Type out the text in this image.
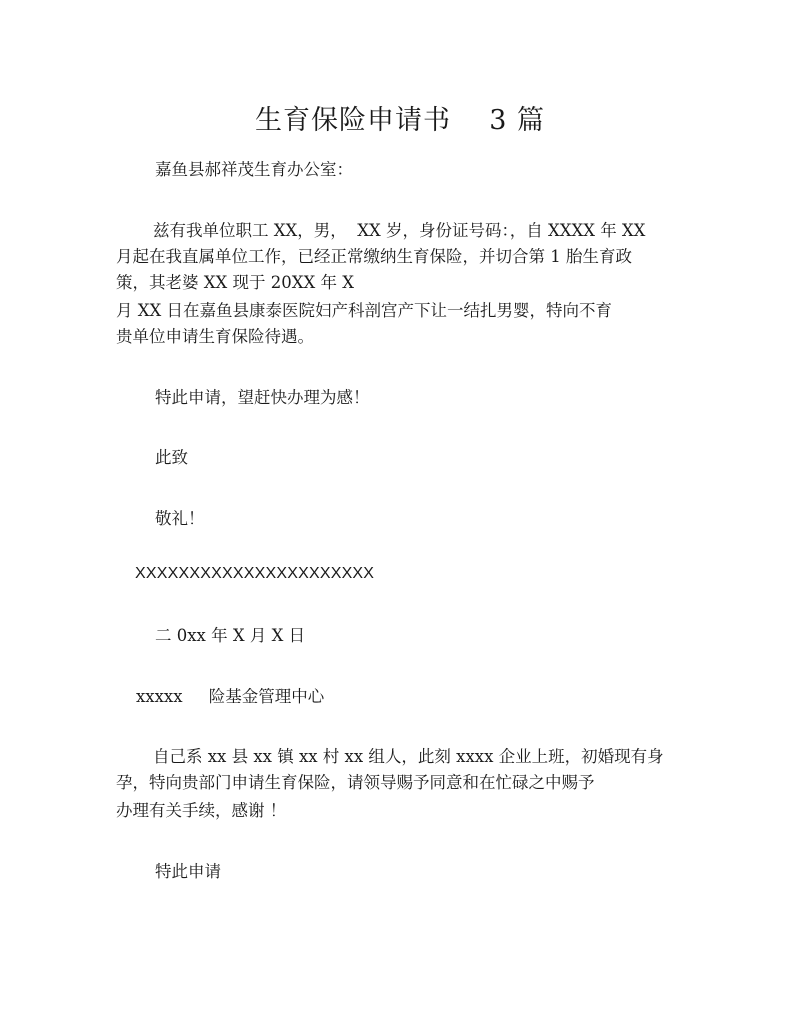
生育保险申请书    3 篇
嘉鱼县郝祥茂生育办公室：
兹有我单位职工 XX，男，  XX 岁，身份证号码：，自 XXXX 年 XX
月起在我直属单位工作，已经正常缴纳生育保险，并切合第 1 胎生育政
策，其老婆 XX 现于 20XX 年 X
月 XX 日在嘉鱼县康泰医院妇产科剖宫产下让一结扎男婴，特向不育
贵单位申请生育保险待遇。
特此申请，望赶快办理为感！
此致
敬礼！
XXXXXXXXXXXXXXXXXXXXXX
二 0xx 年 X 月 X 日
xxxxx     险基金管理中心
自己系 xx 县 xx 镇 xx 村 xx 组人，此刻 xxxx 企业上班，初婚现有身
孕，特向贵部门申请生育保险，请领导赐予同意和在忙碌之中赐予
办理有关手续，感谢 ！
特此申请
